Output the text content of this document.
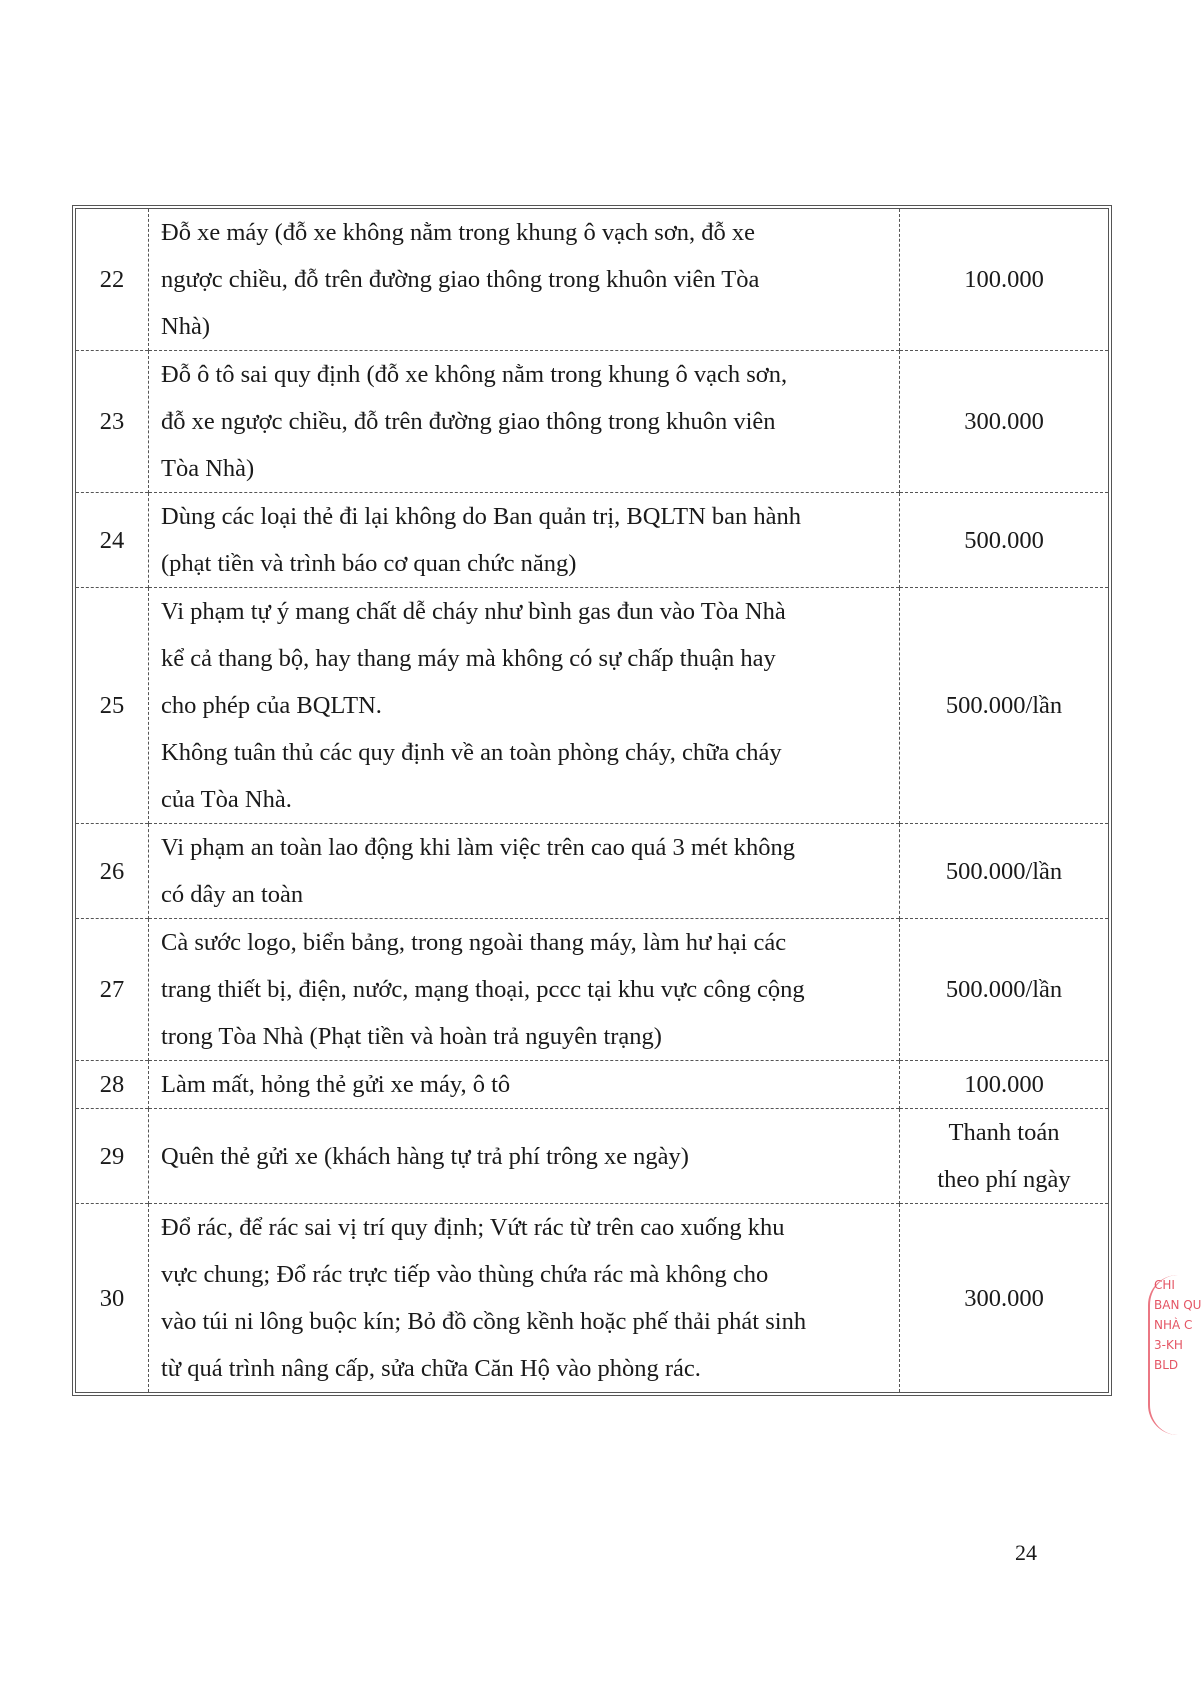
22	Đỗ xe máy (đỗ xe không nằm trong khung ô vạch sơn, đỗ xe
ngược chiều, đỗ trên đường giao thông trong khuôn viên Tòa
Nhà)	100.000

23	Đỗ ô tô sai quy định (đỗ xe không nằm trong khung ô vạch sơn,
đỗ xe ngược chiều, đỗ trên đường giao thông trong khuôn viên
Tòa Nhà)	300.000

24	Dùng các loại thẻ đi lại không do Ban quản trị, BQLTN ban hành
(phạt tiền và trình báo cơ quan chức năng)	500.000

25	Vi phạm tự ý mang chất dễ cháy như bình gas đun vào Tòa Nhà
kể cả thang bộ, hay thang máy mà không có sự chấp thuận hay
cho phép của BQLTN.
Không tuân thủ các quy định về an toàn phòng cháy, chữa cháy
của Tòa Nhà.	500.000/lần

26	Vi phạm an toàn lao động khi làm việc trên cao quá 3 mét không
có dây an toàn	500.000/lần

27	Cà sước logo, biển bảng, trong ngoài thang máy, làm hư hại các
trang thiết bị, điện, nước, mạng thoại, pccc tại khu vực công cộng
trong Tòa Nhà (Phạt tiền và hoàn trả nguyên trạng)	500.000/lần

28	Làm mất, hỏng thẻ gửi xe máy, ô tô	100.000

29	Quên thẻ gửi xe (khách hàng tự trả phí trông xe ngày)	Thanh toán
theo phí ngày

30	Đổ rác, để rác sai vị trí quy định; Vứt rác từ trên cao xuống khu
vực chung; Đổ rác trực tiếp vào thùng chứa rác mà không cho
vào túi ni lông buộc kín; Bỏ đồ cồng kềnh hoặc phế thải phát sinh
từ quá trình nâng cấp, sửa chữa Căn Hộ vào phòng rác.	300.000	CHI
BAN QU
NHÀ C
3-KH
BLD
24
